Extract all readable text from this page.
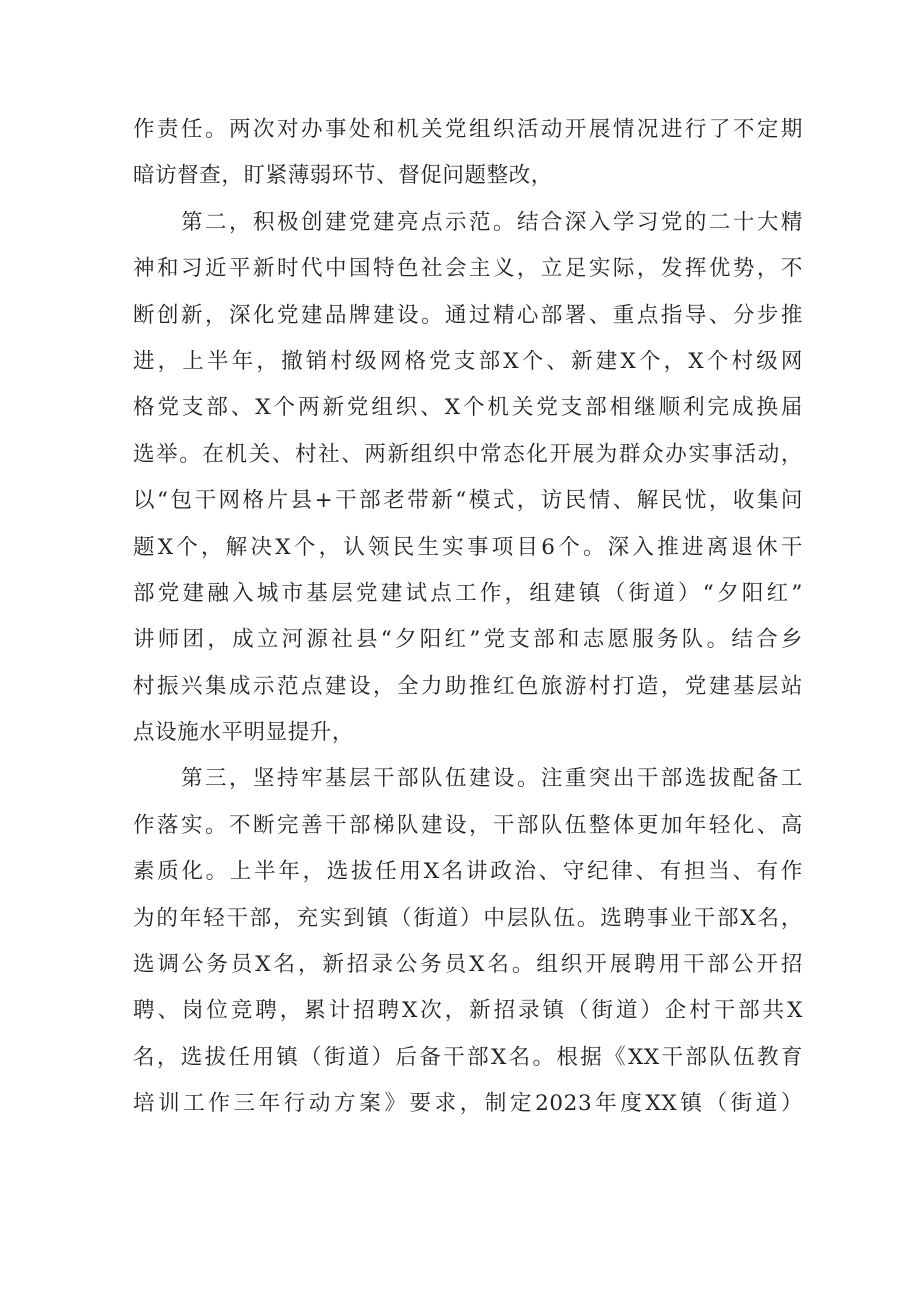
作责任。两次对办事处和机关党组织活动开展情况进行了不定期
暗访督查，盯紧薄弱环节、督促问题整改，
第二，积极创建党建亮点示范。结合深入学习党的二十大精
神和习近平新时代中国特色社会主义，立足实际，发挥优势，不
断创新，深化党建品牌建设。通过精心部署、重点指导、分步推
进，上半年，撤销村级网格党支部X个、新建X个，X个村级网
格党支部、X个两新党组织、X个机关党支部相继顺利完成换届
选举。在机关、村社、两新组织中常态化开展为群众办实事活动，
以“包干网格片县+干部老带新“模式，访民情、解民忧，收集问
题X个，解决X个，认领民生实事项目6个。深入推进离退休干
部党建融入城市基层党建试点工作，组建镇（街道）“夕阳红”
讲师团，成立河源社县“夕阳红”党支部和志愿服务队。结合乡
村振兴集成示范点建设，全力助推红色旅游村打造，党建基层站
点设施水平明显提升，
第三，坚持牢基层干部队伍建设。注重突出干部选拔配备工
作落实。不断完善干部梯队建设，干部队伍整体更加年轻化、高
素质化。上半年，选拔任用X名讲政治、守纪律、有担当、有作
为的年轻干部，充实到镇（街道）中层队伍。选聘事业干部X名，
选调公务员X名，新招录公务员X名。组织开展聘用干部公开招
聘、岗位竞聘，累计招聘X次，新招录镇（街道）企村干部共X
名，选拔任用镇（街道）后备干部X名。根据《XX干部队伍教育
培训工作三年行动方案》要求，制定2023年度XX镇（街道）
